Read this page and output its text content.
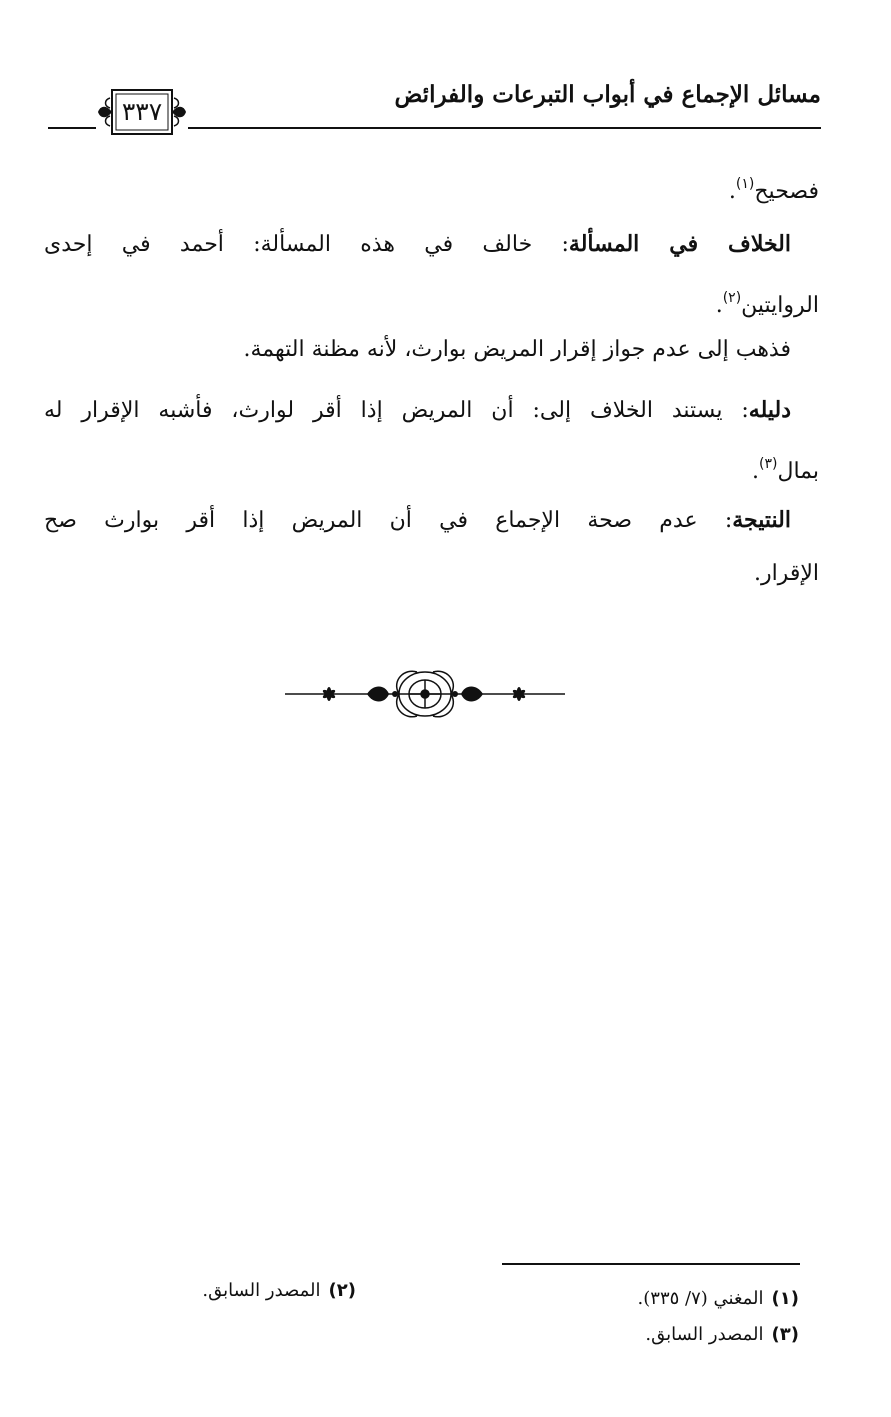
مسائل الإجماع في أبواب التبرعات والفرائض
٣٣٧
فصحيح$^{(١)}$.
الخلاف في المسألة: خالف في هذه المسألة: أحمد في إحدى
الروايتين$^{(٢)}$.
فذهب إلى عدم جواز إقرار المريض بوارث، لأنه مظنة التهمة.
دليله: يستند الخلاف إلى: أن المريض إذا أقر لوارث، فأشبه الإقرار له
بمال$^{(٣)}$.
النتيجة: عدم صحة الإجماع في أن المريض إذا أقر بوارث صح
الإقرار.
(١)المغني (٧/ ٣٣٥).
(٢)المصدر السابق.
(٣)المصدر السابق.
